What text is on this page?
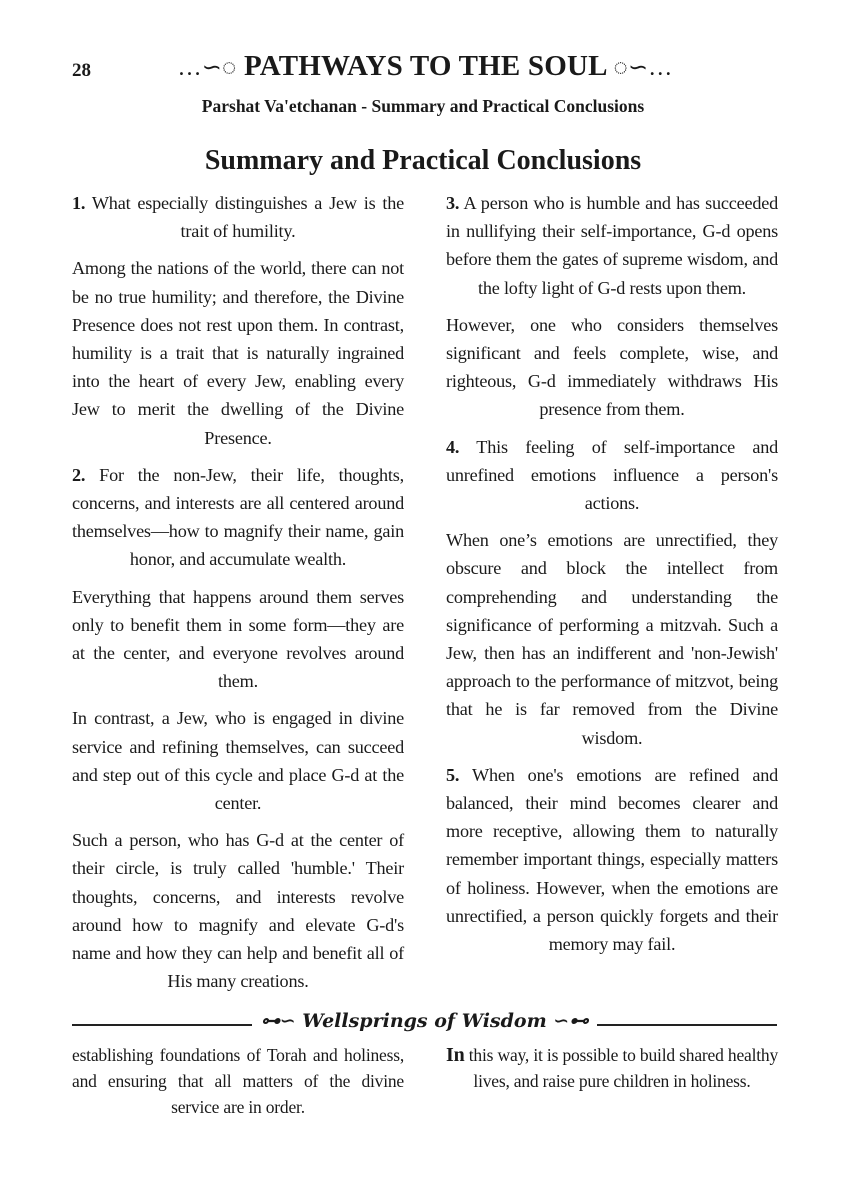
28	…∽◌ PATHWAYS TO THE SOUL ◌∽…
Parshat Va'etchanan - Summary and Practical Conclusions
Summary and Practical Conclusions

1. What especially distinguishes a Jew is the trait of humility.

Among the nations of the world, there can not be no true humility; and therefore, the Divine Presence does not rest upon them. In contrast, humility is a trait that is naturally ingrained into the heart of every Jew, enabling every Jew to merit the dwelling of the Divine Presence.

2. For the non-Jew, their life, thoughts, concerns, and interests are all centered around themselves—how to magnify their name, gain honor, and accumulate wealth.

Everything that happens around them serves only to benefit them in some form—they are at the center, and everyone revolves around them.

In contrast, a Jew, who is engaged in divine service and refining themselves, can succeed and step out of this cycle and place G-d at the center.

Such a person, who has G-d at the center of their circle, is truly called 'humble.' Their thoughts, concerns, and interests revolve around how to magnify and elevate G-d's name and how they can help and benefit all of His many creations.

3. A person who is humble and has succeeded in nullifying their self-importance, G-d opens before them the gates of supreme wisdom, and the lofty light of G-d rests upon them.

However, one who considers themselves significant and feels complete, wise, and righteous, G-d immediately withdraws His presence from them.

4. This feeling of self-importance and unrefined emotions influence a person's actions.

When one’s emotions are unrectified, they obscure and block the intellect from comprehending and understanding the significance of performing a mitzvah. Such a Jew, then has an indifferent and 'non-Jewish' approach to the performance of mitzvot, being that he is far removed from the Divine wisdom.

5. When one's emotions are refined and balanced, their mind becomes clearer and more receptive, allowing them to naturally remember important things, especially matters of holiness. However, when the emotions are unrectified, a person quickly forgets and their memory may fail.

⊶∽ Wellsprings of Wisdom ∽⊷

establishing foundations of Torah and holiness, and ensuring that all matters of the divine service are in order.

In this way, it is possible to build shared healthy lives, and raise pure children in holiness.
